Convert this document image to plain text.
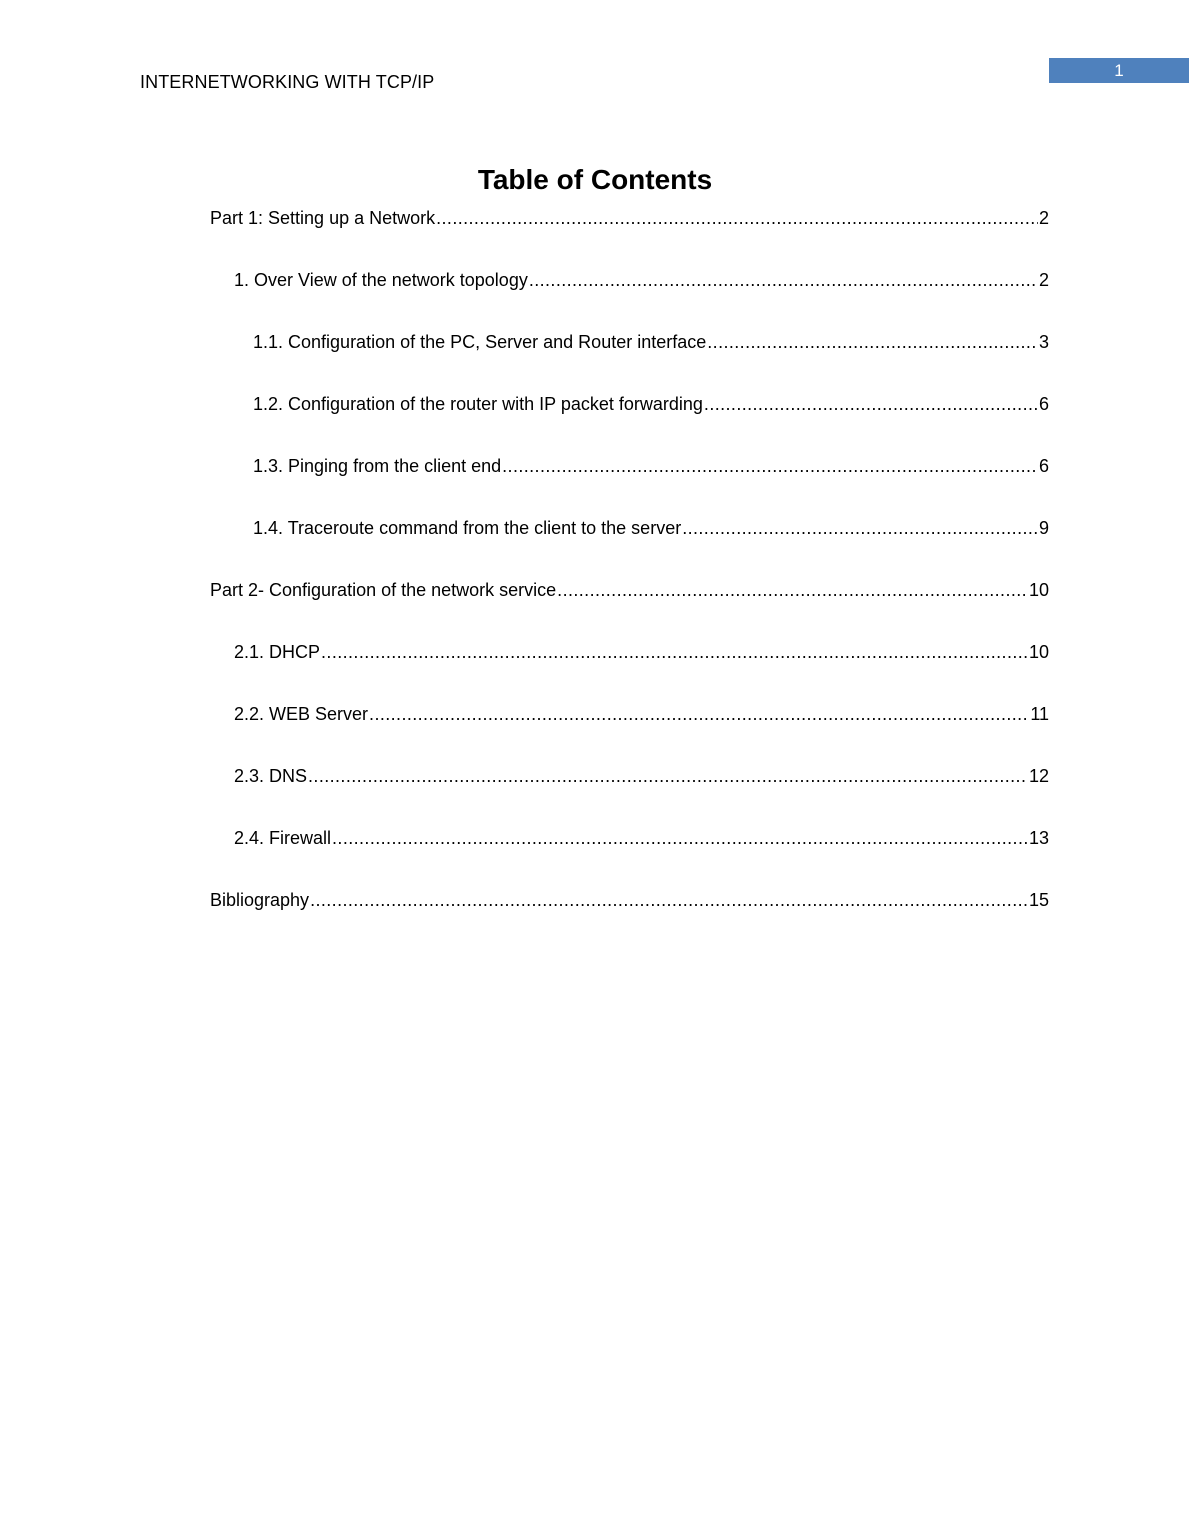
INTERNETWORKING WITH TCP/IP
1
Table of Contents
Part 1: Setting up a Network .....	2
1. Over View of the network topology .....	2
1.1. Configuration of the PC, Server and Router interface .....	3
1.2. Configuration of the router with IP packet forwarding .....	6
1.3. Pinging from the client end .....	6
1.4. Traceroute command from the client to the server .....	9
Part 2- Configuration of the network service .....	10
2.1. DHCP .....	10
2.2. WEB Server .....	11
2.3. DNS .....	12
2.4. Firewall .....	13
Bibliography .....	15
